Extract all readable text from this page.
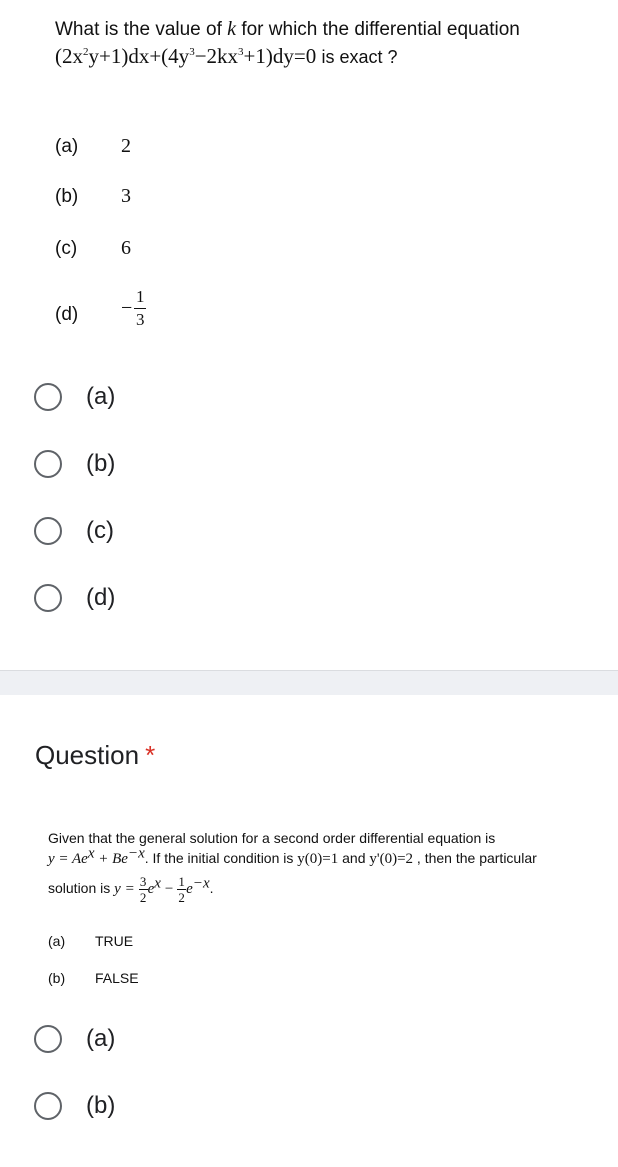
What is the value of k for which the differential equation
$(2x^2y+1)dx+(4y^3-2kx^3+1)dy=0$ is exact ?
(a) 2
(b) 3
(c) 6
$(d) - \frac{1}{3}$
(a)
(b)
(c)
(d)
Question *
Given that the general solution for a second order differential equation is
$y = Ae^x + Be^{-x}$. If the initial condition is y(0)=1 and y'(0)=2 , then the particular
solution is $y = \frac{3}{2} e^x - \frac{1}{2} e^{-x}$.
(a) TRUE
(b) FALSE
(a)
(b)
